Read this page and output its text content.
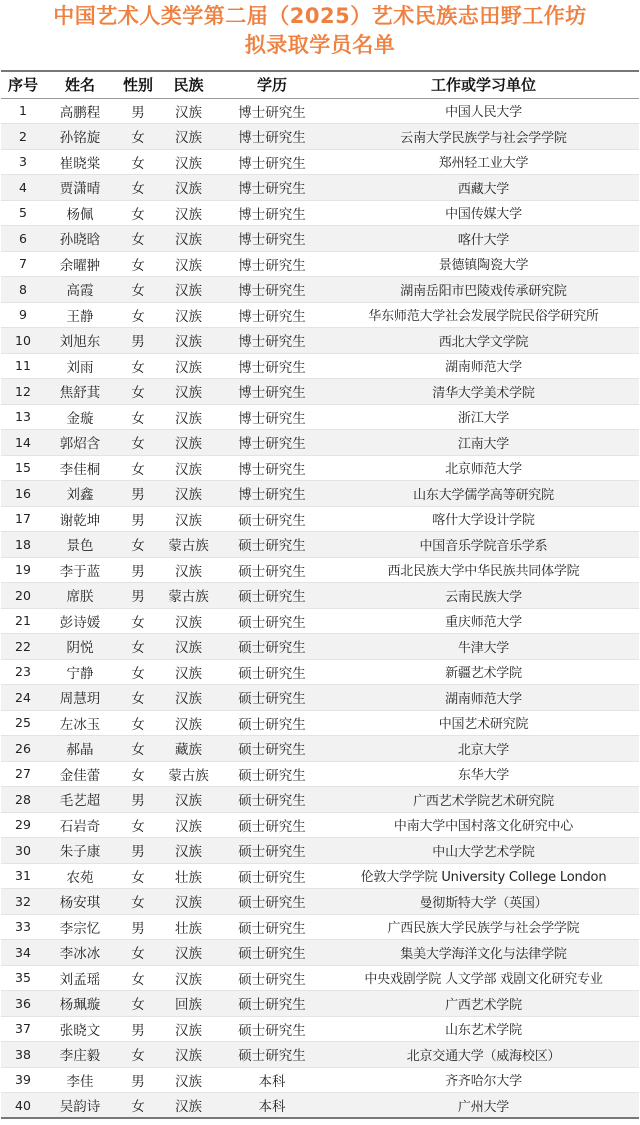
中国艺术人类学第二届（2025）艺术民族志田野工作坊
拟录取学员名单
序号	姓名	性别	民族	学历	工作或学习单位
1	高鹏程	男	汉族	博士研究生	中国人民大学
2	孙铭旋	女	汉族	博士研究生	云南大学民族学与社会学学院
3	崔晓棠	女	汉族	博士研究生	郑州轻工业大学
4	贾潇晴	女	汉族	博士研究生	西藏大学
5	杨佩	女	汉族	博士研究生	中国传媒大学
6	孙晓晗	女	汉族	博士研究生	喀什大学
7	余曜翀	女	汉族	博士研究生	景德镇陶瓷大学
8	高霞	女	汉族	博士研究生	湖南岳阳市巴陵戏传承研究院
9	王静	女	汉族	博士研究生	华东师范大学社会发展学院民俗学研究所
10	刘旭东	男	汉族	博士研究生	西北大学文学院
11	刘雨	女	汉族	博士研究生	湖南师范大学
12	焦舒萁	女	汉族	博士研究生	清华大学美术学院
13	金璇	女	汉族	博士研究生	浙江大学
14	郭炤含	女	汉族	博士研究生	江南大学
15	李佳桐	女	汉族	博士研究生	北京师范大学
16	刘鑫	男	汉族	博士研究生	山东大学儒学高等研究院
17	谢乾坤	男	汉族	硕士研究生	喀什大学设计学院
18	景色	女	蒙古族	硕士研究生	中国音乐学院音乐学系
19	李于蓝	男	汉族	硕士研究生	西北民族大学中华民族共同体学院
20	席朕	男	蒙古族	硕士研究生	云南民族大学
21	彭诗媛	女	汉族	硕士研究生	重庆师范大学
22	阴悦	女	汉族	硕士研究生	牛津大学
23	宁静	女	汉族	硕士研究生	新疆艺术学院
24	周慧玥	女	汉族	硕士研究生	湖南师范大学
25	左冰玉	女	汉族	硕士研究生	中国艺术研究院
26	郝晶	女	藏族	硕士研究生	北京大学
27	金佳蕾	女	蒙古族	硕士研究生	东华大学
28	毛艺超	男	汉族	硕士研究生	广西艺术学院艺术研究院
29	石岩奇	女	汉族	硕士研究生	中南大学中国村落文化研究中心
30	朱子康	男	汉族	硕士研究生	中山大学艺术学院
31	农苑	女	壮族	硕士研究生	伦敦大学学院 University College London
32	杨安琪	女	汉族	硕士研究生	曼彻斯特大学（英国）
33	李宗忆	男	壮族	硕士研究生	广西民族大学民族学与社会学学院
34	李冰冰	女	汉族	硕士研究生	集美大学海洋文化与法律学院
35	刘孟瑶	女	汉族	硕士研究生	中央戏剧学院 人文学部 戏剧文化研究专业
36	杨珮璇	女	回族	硕士研究生	广西艺术学院
37	张晓文	男	汉族	硕士研究生	山东艺术学院
38	李庄毅	女	汉族	硕士研究生	北京交通大学（威海校区）
39	李佳	男	汉族	本科	齐齐哈尔大学
40	吴韵诗	女	汉族	本科	广州大学
